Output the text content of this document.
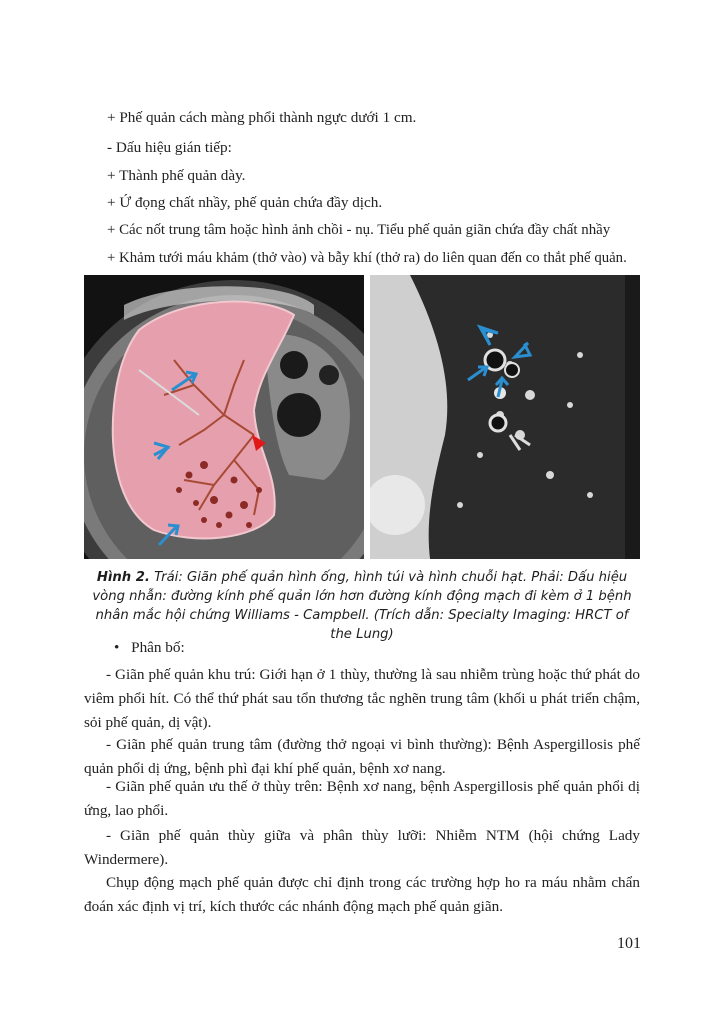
+ Phế quản cách màng phổi thành ngực dưới 1 cm.
- Dấu hiệu gián tiếp:
+ Thành phế quản dày.
+ Ứ đọng chất nhầy, phế quản chứa đầy dịch.
+ Các nốt trung tâm hoặc hình ảnh chồi - nụ. Tiểu phế quản giãn chứa đầy chất nhầy
+ Khảm tưới máu khảm (thở vào) và bẫy khí (thở ra) do liên quan đến co thắt phế quản.
Hình 2. Trái: Giãn phế quản hình ống, hình túi và hình chuỗi hạt. Phải: Dấu hiệu vòng nhẫn: đường kính phế quản lớn hơn đường kính động mạch đi kèm ở 1 bệnh nhân mắc hội chứng Williams - Campbell. (Trích dẫn: Specialty Imaging: HRCT of the Lung)
• Phân bố:
- Giãn phế quản khu trú: Giới hạn ở 1 thùy, thường là sau nhiễm trùng hoặc thứ phát do viêm phổi hít. Có thể thứ phát sau tổn thương tắc nghẽn trung tâm (khối u phát triển chậm, sỏi phế quản, dị vật).
- Giãn phế quản trung tâm (đường thở ngoại vi bình thường): Bệnh Aspergillosis phế quản phổi dị ứng, bệnh phì đại khí phế quản, bệnh xơ nang.
- Giãn phế quản ưu thế ở thùy trên: Bệnh xơ nang, bệnh Aspergillosis phế quản phổi dị ứng, lao phổi.
- Giãn phế quản thùy giữa và phân thùy lưỡi: Nhiễm NTM (hội chứng Lady Windermere).
Chụp động mạch phế quản được chỉ định trong các trường hợp ho ra máu nhằm chẩn đoán xác định vị trí, kích thước các nhánh động mạch phế quản giãn.
101
